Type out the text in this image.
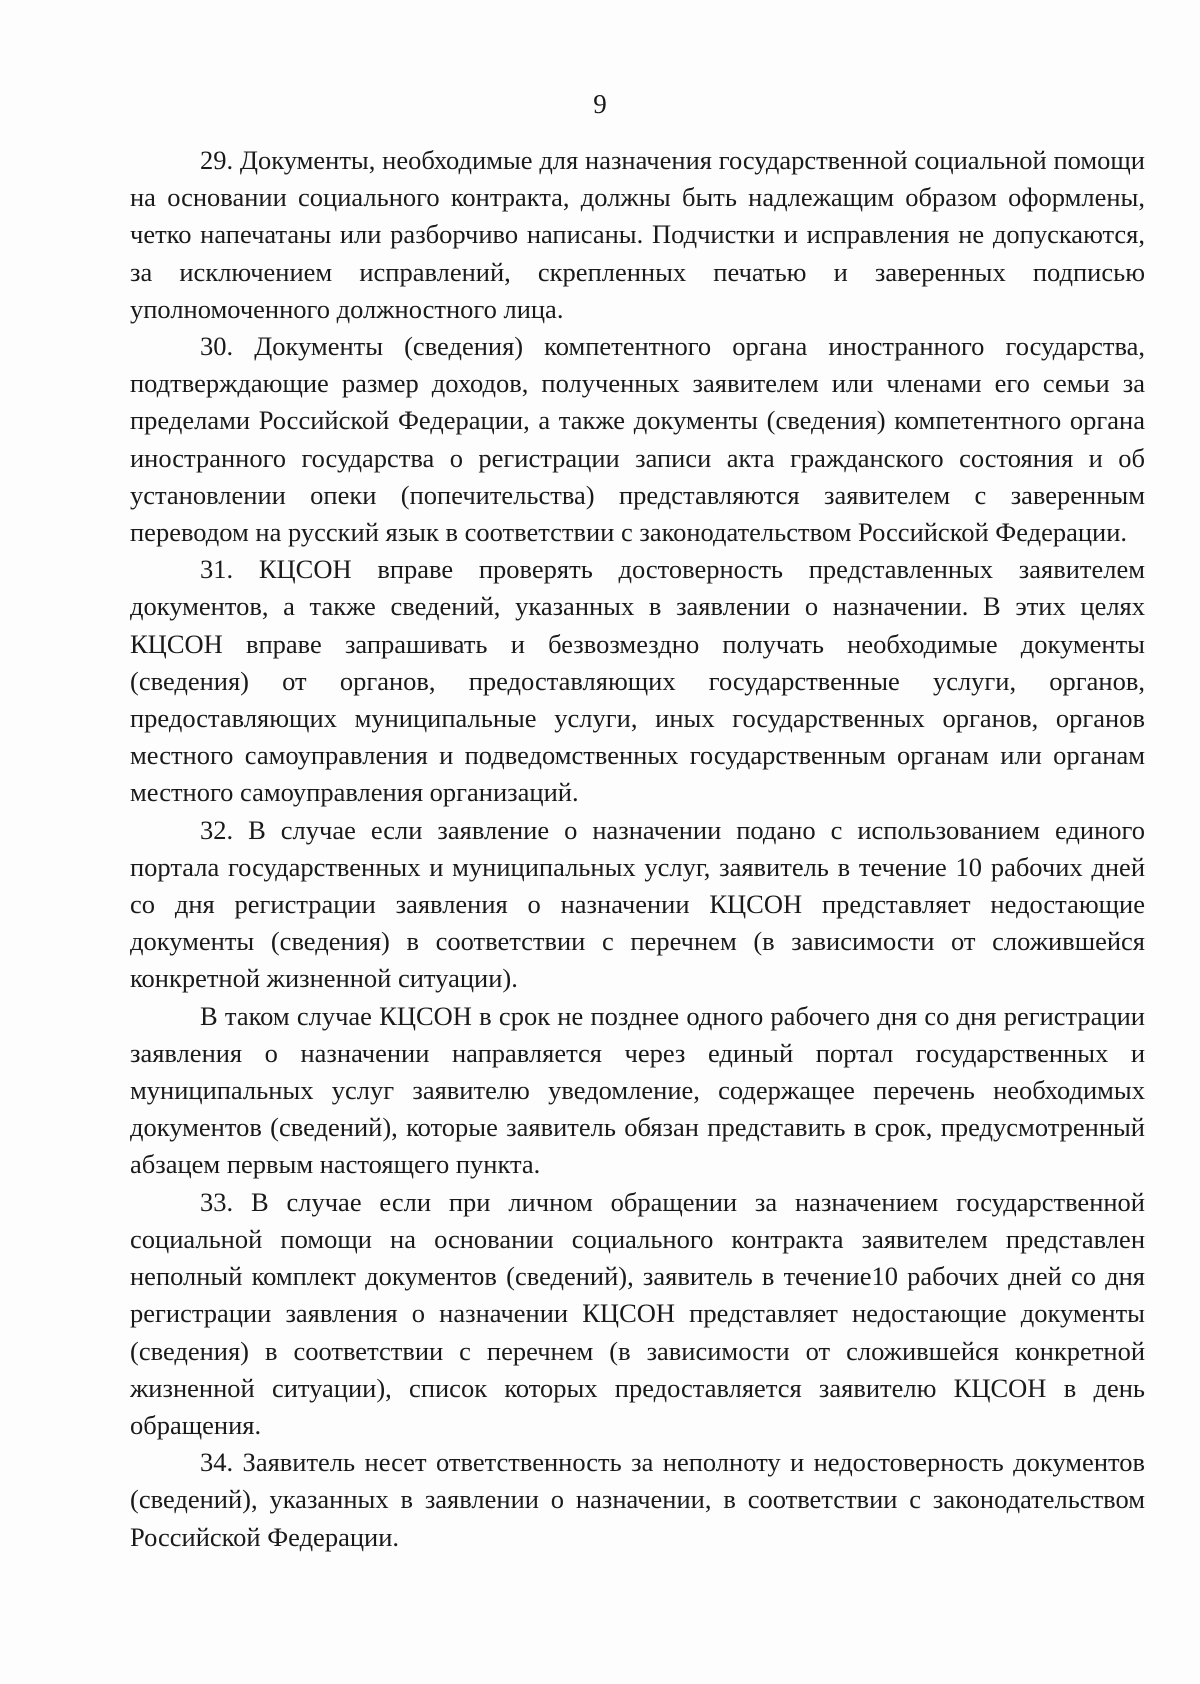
9

29. Документы, необходимые для назначения государственной социальной помощи на основании социального контракта, должны быть надлежащим образом оформлены, четко напечатаны или разборчиво написаны. Подчистки и исправления не допускаются, за исключением исправлений, скрепленных печатью и заверенных подписью уполномоченного должностного лица.

30. Документы (сведения) компетентного органа иностранного государства, подтверждающие размер доходов, полученных заявителем или членами его семьи за пределами Российской Федерации, а также документы (сведения) компетентного органа иностранного государства о регистрации записи акта гражданского состояния и об установлении опеки (попечительства) представляются заявителем с заверенным переводом на русский язык в соответствии с законодательством Российской Федерации.

31. КЦСОН вправе проверять достоверность представленных заявителем документов, а также сведений, указанных в заявлении о назначении. В этих целях КЦСОН вправе запрашивать и безвозмездно получать необходимые документы (сведения) от органов, предоставляющих государственные услуги, органов, предоставляющих муниципальные услуги, иных государственных органов, органов местного самоуправления и подведомственных государственным органам или органам местного самоуправления организаций.

32. В случае если заявление о назначении подано с использованием единого портала государственных и муниципальных услуг, заявитель в течение 10 рабочих дней со дня регистрации заявления о назначении КЦСОН представляет недостающие документы (сведения) в соответствии с перечнем (в зависимости от сложившейся конкретной жизненной ситуации).

В таком случае КЦСОН в срок не позднее одного рабочего дня со дня регистрации заявления о назначении направляется через единый портал государственных и муниципальных услуг заявителю уведомление, содержащее перечень необходимых документов (сведений), которые заявитель обязан представить в срок, предусмотренный абзацем первым настоящего пункта.

33. В случае если при личном обращении за назначением государственной социальной помощи на основании социального контракта заявителем представлен неполный комплект документов (сведений), заявитель в течение10 рабочих дней со дня регистрации заявления о назначении КЦСОН представляет недостающие документы (сведения) в соответствии с перечнем (в зависимости от сложившейся конкретной жизненной ситуации), список которых предоставляется заявителю КЦСОН в день обращения.

34. Заявитель несет ответственность за неполноту и недостоверность документов (сведений), указанных в заявлении о назначении, в соответствии с законодательством Российской Федерации.
